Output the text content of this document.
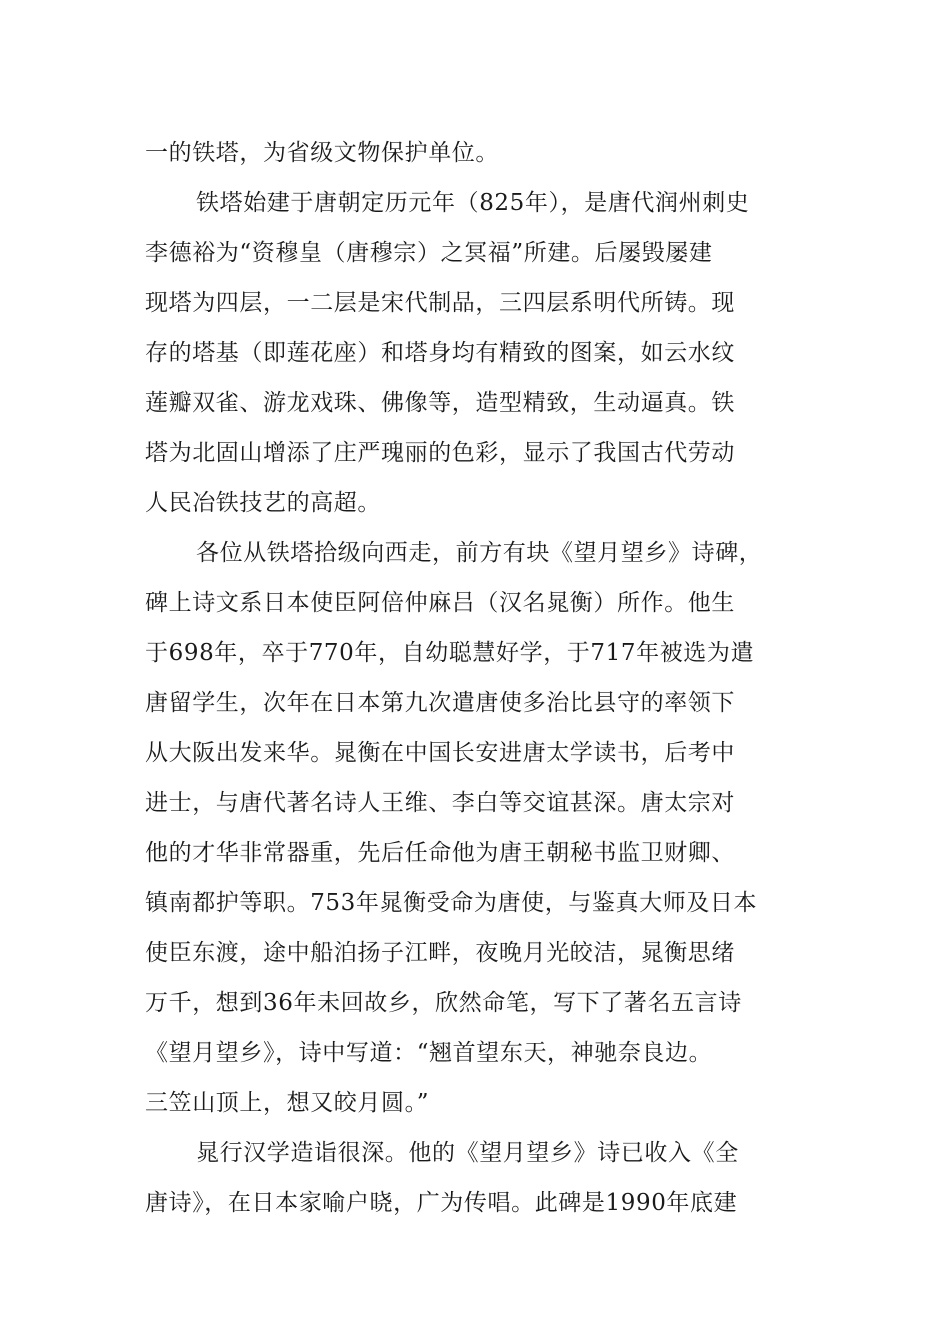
一的铁塔，为省级文物保护单位。
铁塔始建于唐朝定历元年（825年），是唐代润州刺史
李德裕为“资穆皇（唐穆宗）之冥福”所建。后屡毁屡建
现塔为四层，一二层是宋代制品，三四层系明代所铸。现
存的塔基（即莲花座）和塔身均有精致的图案，如云水纹
莲瓣双雀、游龙戏珠、佛像等，造型精致，生动逼真。铁
塔为北固山增添了庄严瑰丽的色彩，显示了我国古代劳动
人民冶铁技艺的高超。
各位从铁塔拾级向西走，前方有块《望月望乡》诗碑，
碑上诗文系日本使臣阿倍仲麻吕（汉名晁衡）所作。他生
于698年，卒于770年，自幼聪慧好学，于717年被选为遣
唐留学生，次年在日本第九次遣唐使多治比县守的率领下
从大阪出发来华。晁衡在中国长安进唐太学读书，后考中
进士，与唐代著名诗人王维、李白等交谊甚深。唐太宗对
他的才华非常器重，先后任命他为唐王朝秘书监卫财卿、
镇南都护等职。753年晁衡受命为唐使，与鉴真大师及日本
使臣东渡，途中船泊扬子江畔，夜晚月光皎洁，晁衡思绪
万千，想到36年未回故乡，欣然命笔，写下了著名五言诗
《望月望乡》，诗中写道：“翘首望东天，神驰奈良边。
三笠山顶上，想又皎月圆。”
晁行汉学造诣很深。他的《望月望乡》诗已收入《全
唐诗》，在日本家喻户晓，广为传唱。此碑是1990年底建
